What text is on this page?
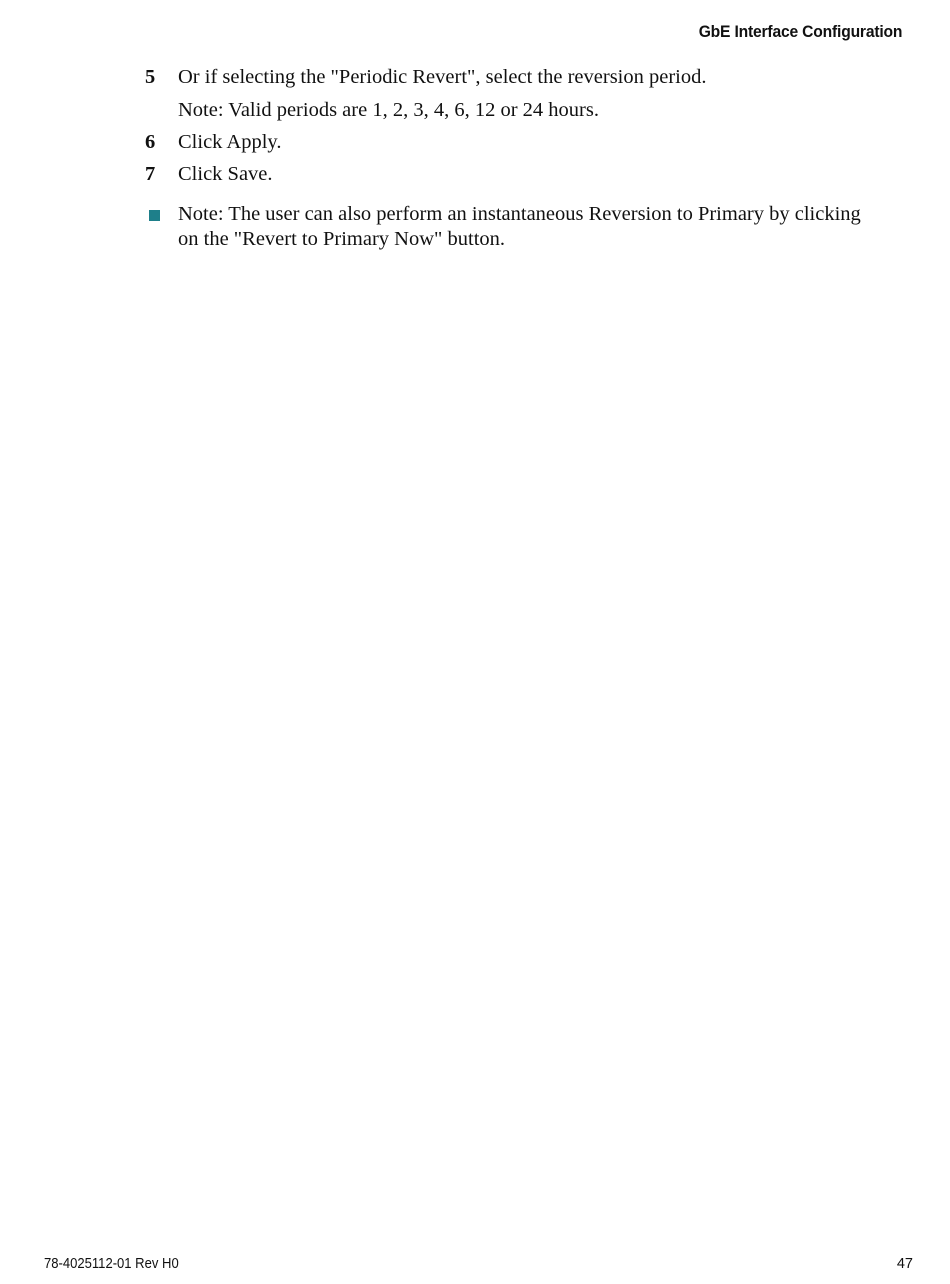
GbE Interface Configuration
5	Or if selecting the "Periodic Revert", select the reversion period.
Note: Valid periods are 1, 2, 3, 4, 6, 12 or 24 hours.
6	Click Apply.
7	Click Save.
Note: The user can also perform an instantaneous Reversion to Primary by clicking on the "Revert to Primary Now" button.
78-4025112-01 Rev H0	47
